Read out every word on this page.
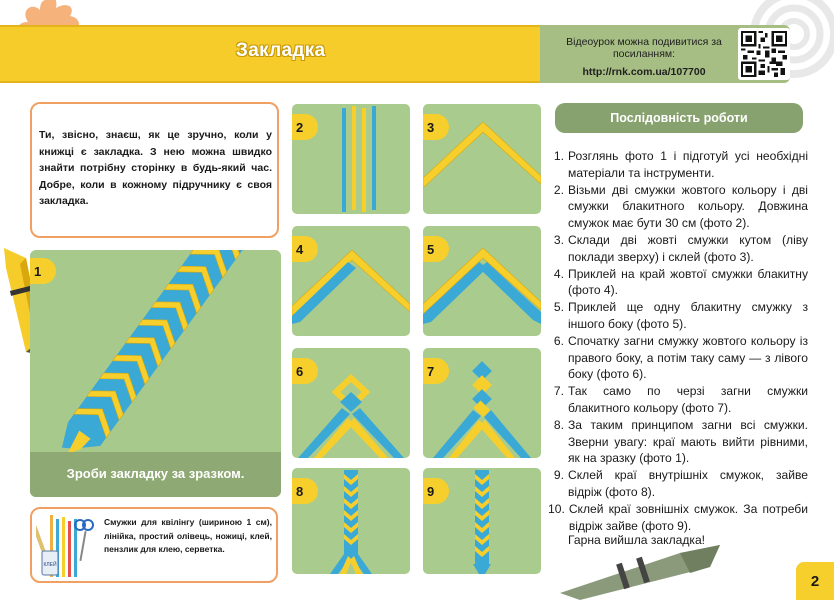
Закладка	Відеоурок можна подивитися за посиланням:
http://rnk.com.ua/107700
Ти, звісно, знаєш, як це зручно, коли у книжці є закладка. З нею можна швидко знайти потрібну сторінку в будь-який час. Добре, коли в кожному підручнику є своя закладка.
Зроби закладку за зразком.
1
2	3
4	5
6	7
8	9
КЛЕЙ
Смужки для квілінгу (шириною 1 см), лінійка, простий олівець, ножиці, клей, пензлик для клею, серветка.
Послідовність роботи
1. Розглянь фото 1 і підготуй усі необхідні матеріали та інструменти.
2. Візьми дві смужки жовтого кольору і дві смужки блакитного кольору. Довжина смужок має бути 30 см (фото 2).
3. Склади дві жовті смужки кутом (ліву поклади зверху) і склей (фото 3).
4. Приклей на край жовтої смужки блакитну (фото 4).
5. Приклей ще одну блакитну смужку з іншого боку (фото 5).
6. Спочатку загни смужку жовтого кольору із правого боку, а потім таку саму — з лівого боку (фото 6).
7. Так само по черзі загни смужки блакитного кольору (фото 7).
8. За таким принципом загни всі смужки. Зверни увагу: краї мають вийти рівними, як на зразку (фото 1).
9. Склей краї внутрішніх смужок, зайве відріж (фото 8).
10. Склей краї зовнішніх смужок. За потреби відріж зайве (фото 9).
Гарна вийшла закладка!
2
